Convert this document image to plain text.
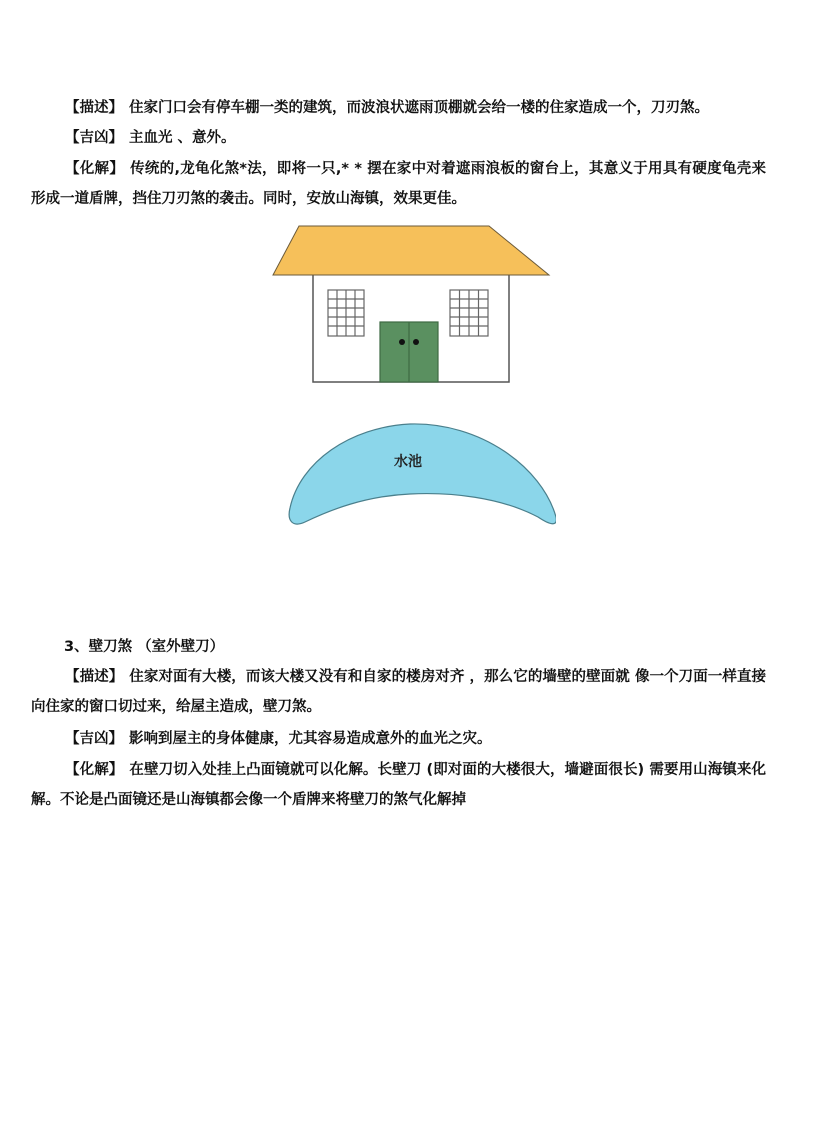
【描述】 住家门口会有停车棚一类的建筑，而波浪状遮雨顶棚就会给一楼的住家造成一个，刀刃煞。
【吉凶】 主血光 、意外。
【化解】 传统的,龙龟化煞*法，即将一只,* * 摆在家中对着遮雨浪板的窗台上，其意义于用具有硬度龟壳来形成一道盾牌，挡住刀刃煞的袭击。同时，安放山海镇，效果更佳。
水池
3、壁刀煞 （室外壁刀）
【描述】 住家对面有大楼，而该大楼又没有和自家的楼房对齐 ，那么它的墙壁的壁面就 像一个刀面一样直接向住家的窗口切过来，给屋主造成，壁刀煞。
【吉凶】 影响到屋主的身体健康，尤其容易造成意外的血光之灾。
【化解】 在壁刀切入处挂上凸面镜就可以化解。长壁刀 (即对面的大楼很大，墙避面很长) 需要用山海镇来化解。不论是凸面镜还是山海镇都会像一个盾牌来将壁刀的煞气化解掉
